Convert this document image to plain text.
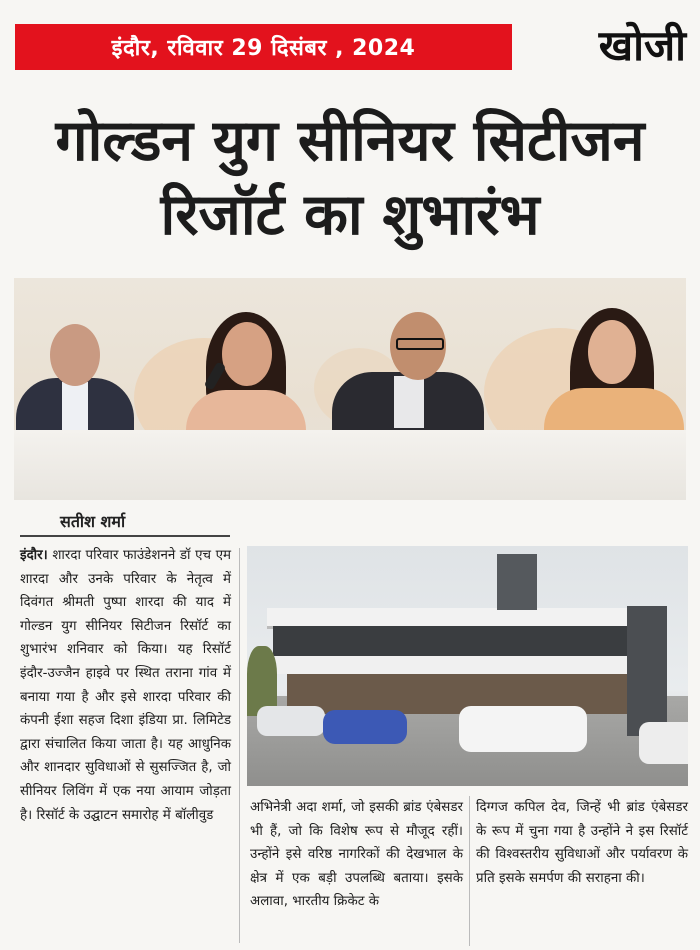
इंदौर, रविवार 29 दिसंबर , 2024	खोजी
गोल्डन युग सीनियर सिटीजन
रिजॉर्ट का शुभारंभ
सतीश शर्मा

इंदौर। शारदा परिवार फाउंडेशनने डॉ एच एम शारदा और उनके परिवार के नेतृत्व में दिवंगत श्रीमती पुष्पा शारदा की याद में गोल्डन युग सीनियर सिटीजन रिसॉर्ट का शुभारंभ शनिवार को किया। यह रिसॉर्ट इंदौर-उज्जैन हाइवे पर स्थित तराना गांव में बनाया गया है और इसे शारदा परिवार की कंपनी ईशा सहज दिशा इंडिया प्रा. लिमिटेड द्वारा संचालित किया जाता है। यह आधुनिक और शानदार सुविधाओं से सुसज्जित है, जो सीनियर लिविंग में एक नया आयाम जोड़ता है। रिसॉर्ट के उद्घाटन समारोह में बॉलीवुड

अभिनेत्री अदा शर्मा, जो इसकी ब्रांड एंबेसडर भी हैं, जो कि विशेष रूप से मौजूद रहीं। उन्होंने इसे वरिष्ठ नागरिकों की देखभाल के क्षेत्र में एक बड़ी उपलब्धि बताया। इसके अलावा, भारतीय क्रिकेट के

दिग्गज कपिल देव, जिन्हें भी ब्रांड एंबेसडर के रूप में चुना गया है उन्होंने ने इस रिसॉर्ट की विश्वस्तरीय सुविधाओं और पर्यावरण के प्रति इसके समर्पण की सराहना की।
